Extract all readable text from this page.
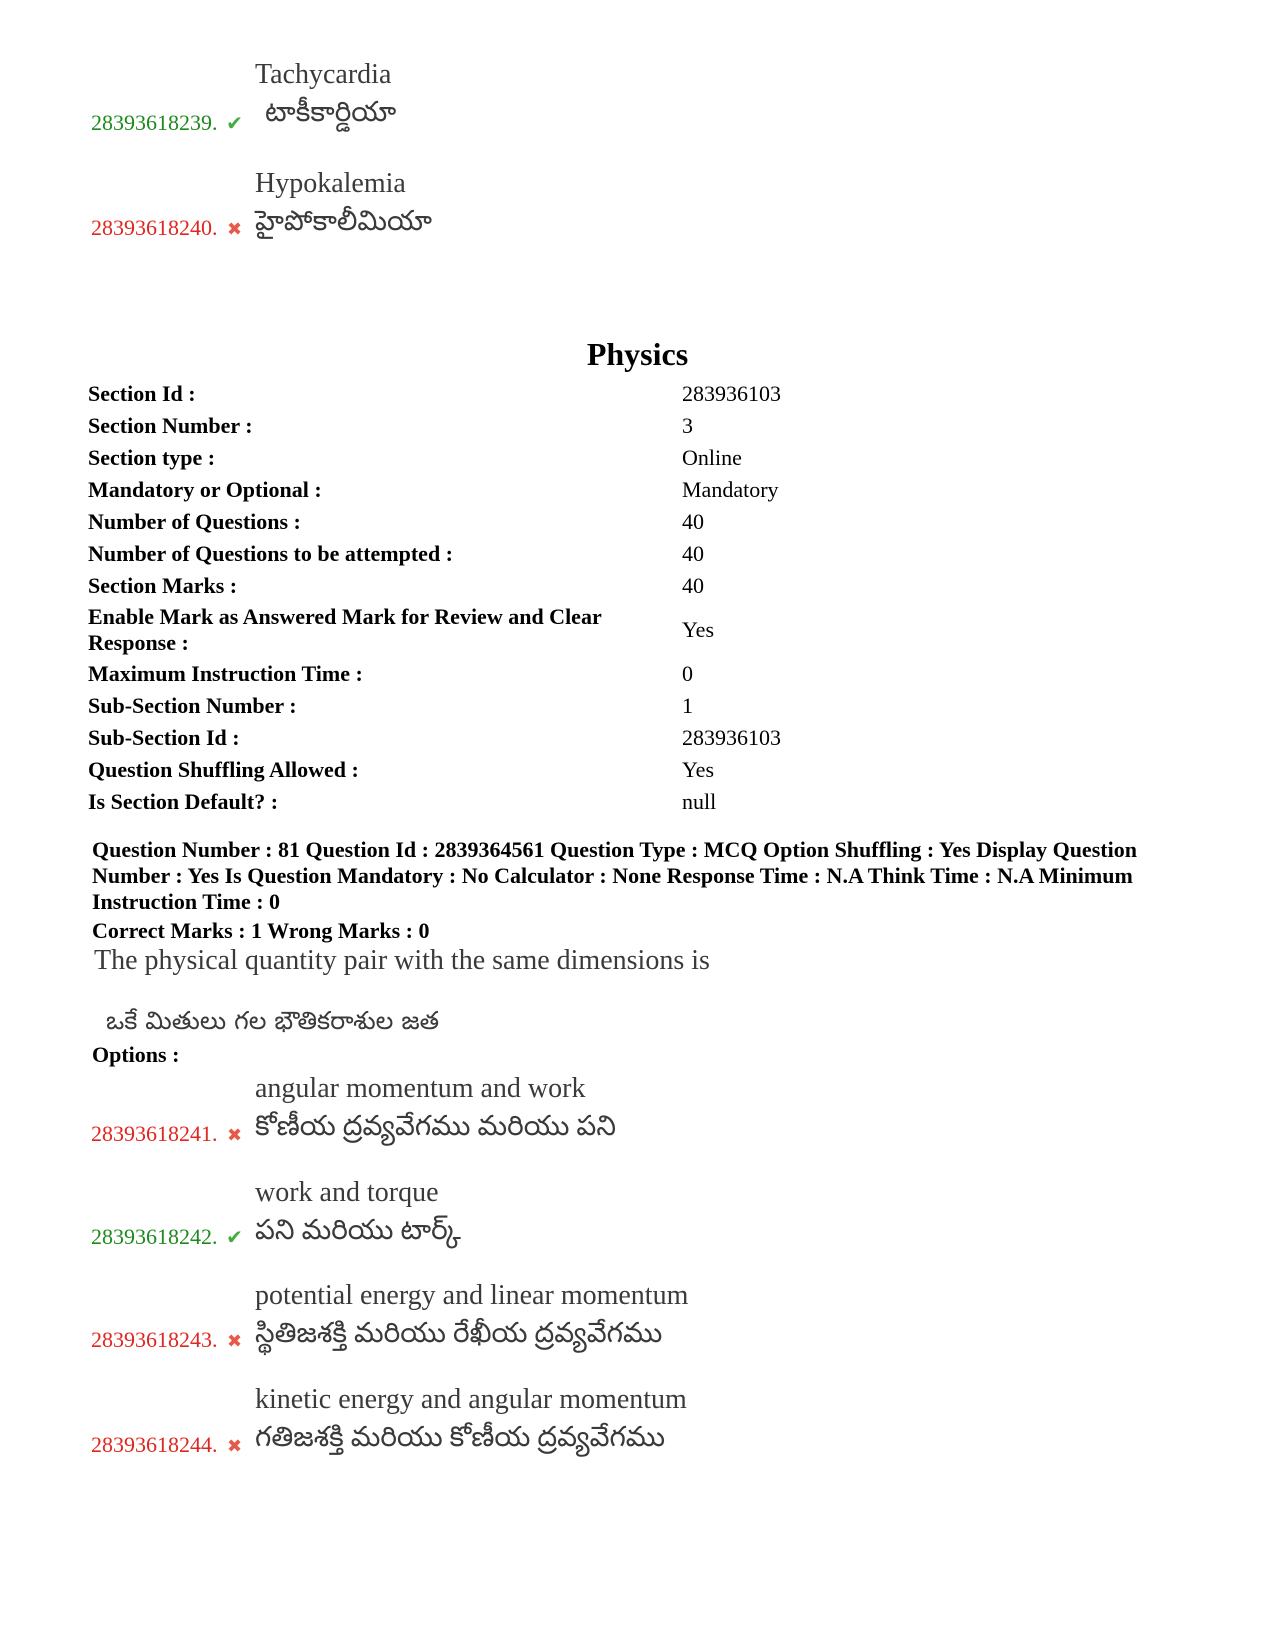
Tachycardia
టాకీకార్డియా
28393618239. ✔
Hypokalemia
హైపోకాలీమియా
28393618240. ✖
Physics
Section Id :	283936103
Section Number :	3
Section type :	Online
Mandatory or Optional :	Mandatory
Number of Questions :	40
Number of Questions to be attempted :	40
Section Marks :	40
Enable Mark as Answered Mark for Review and Clear Response :	Yes
Maximum Instruction Time :	0
Sub-Section Number :	1
Sub-Section Id :	283936103
Question Shuffling Allowed :	Yes
Is Section Default? :	null
Question Number : 81 Question Id : 2839364561 Question Type : MCQ Option Shuffling : Yes Display Question Number : Yes Is Question Mandatory : No Calculator : None Response Time : N.A Think Time : N.A Minimum Instruction Time : 0
Correct Marks : 1 Wrong Marks : 0
The physical quantity pair with the same dimensions is
ఒకే మితులు గల భౌతికరాశుల జత
Options :
angular momentum and work
కోణీయ ద్రవ్యవేగము మరియు పని
28393618241. ✖
work and torque
పని మరియు టార్క్
28393618242. ✔
potential energy and linear momentum
స్థితిజశక్తి మరియు రేఖీయ ద్రవ్యవేగము
28393618243. ✖
kinetic energy and angular momentum
గతిజశక్తి మరియు కోణీయ ద్రవ్యవేగము
28393618244. ✖
